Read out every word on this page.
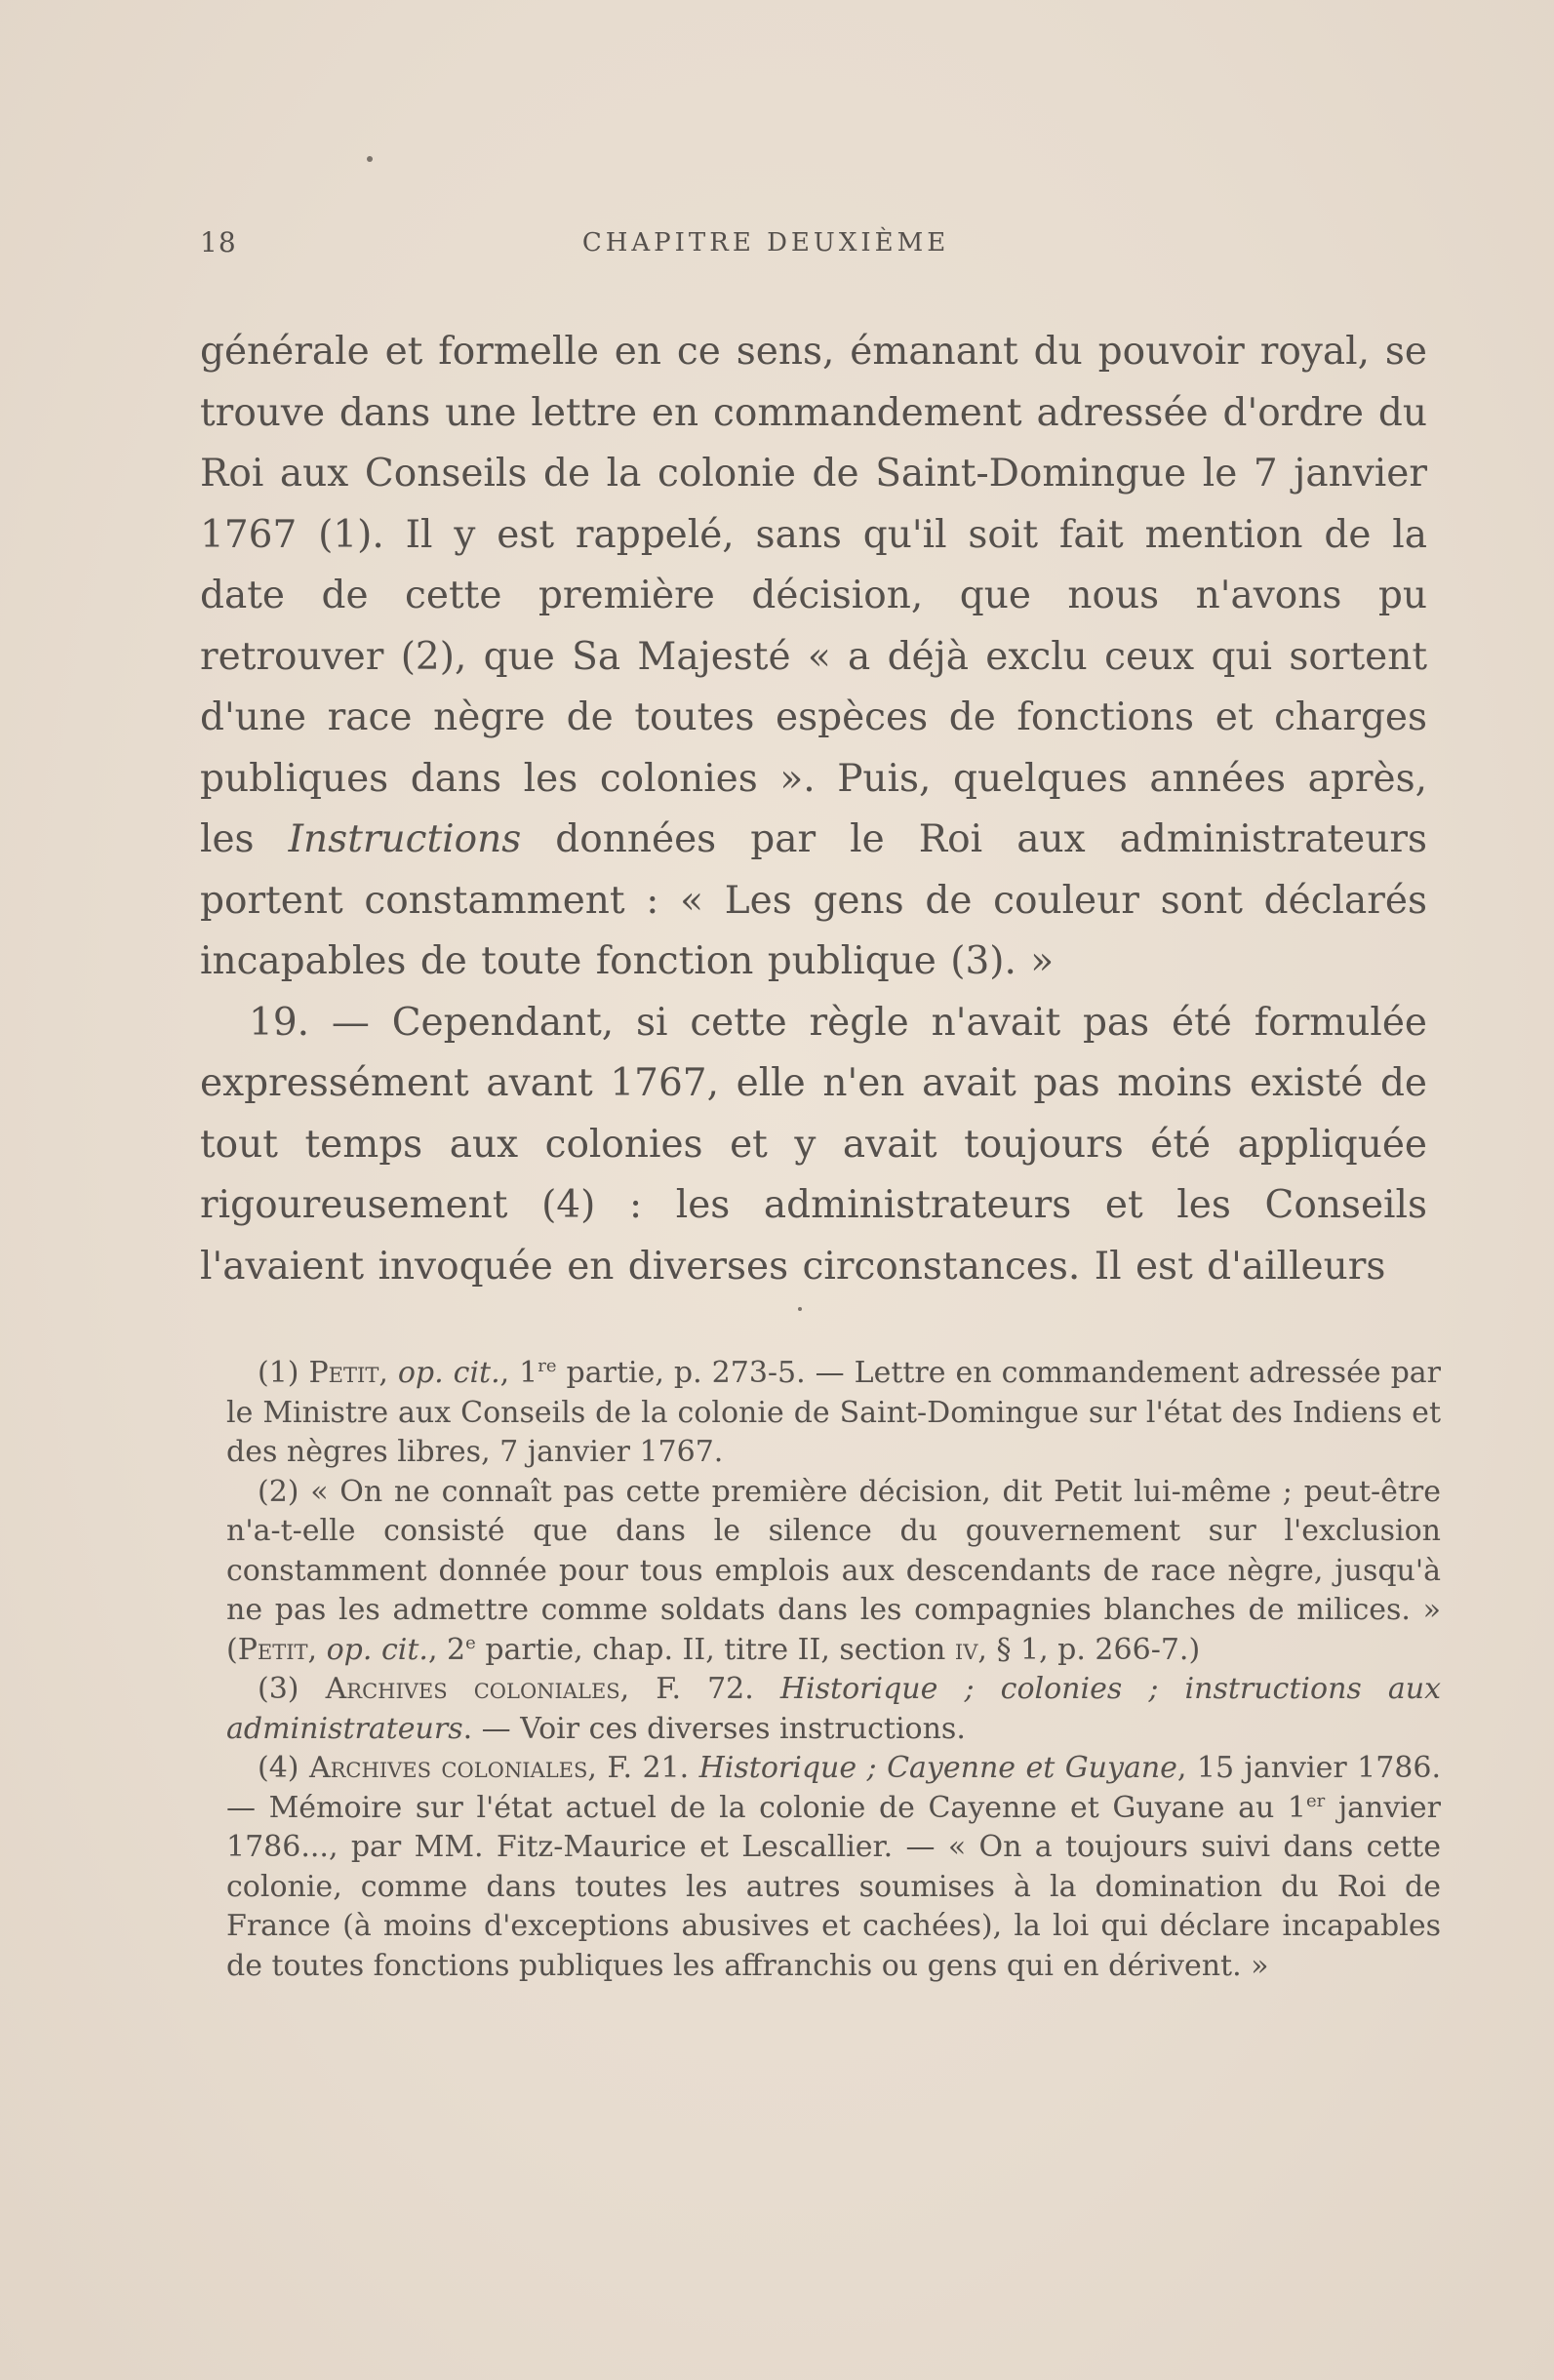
18	CHAPITRE DEUXIÈME

générale et formelle en ce sens, émanant du pouvoir royal, se trouve dans une lettre en commandement adressée d'ordre du Roi aux Conseils de la colonie de Saint-Domingue le 7 janvier 1767 (1). Il y est rappelé, sans qu'il soit fait mention de la date de cette première décision, que nous n'avons pu retrouver (2), que Sa Majesté « a déjà exclu ceux qui sortent d'une race nègre de toutes espèces de fonctions et charges publiques dans les colonies ». Puis, quelques années après, les Instructions données par le Roi aux administrateurs portent constamment : « Les gens de couleur sont déclarés incapables de toute fonction publique (3). »

19. — Cependant, si cette règle n'avait pas été formulée expressément avant 1767, elle n'en avait pas moins existé de tout temps aux colonies et y avait toujours été appliquée rigoureusement (4) : les administrateurs et les Conseils l'avaient invoquée en diverses circonstances. Il est d'ailleurs

(1) Petit, op. cit., 1re partie, p. 273-5. — Lettre en commandement adressée par le Ministre aux Conseils de la colonie de Saint-Domingue sur l'état des Indiens et des nègres libres, 7 janvier 1767.

(2) « On ne connaît pas cette première décision, dit Petit lui-même ; peut-être n'a-t-elle consisté que dans le silence du gouvernement sur l'exclusion constamment donnée pour tous emplois aux descendants de race nègre, jusqu'à ne pas les admettre comme soldats dans les compagnies blanches de milices. » (Petit, op. cit., 2e partie, chap. II, titre II, section iv, § 1, p. 266-7.)

(3) Archives coloniales, F. 72. Historique ; colonies ; instructions aux administrateurs. — Voir ces diverses instructions.

(4) Archives coloniales, F. 21. Historique ; Cayenne et Guyane, 15 janvier 1786. — Mémoire sur l'état actuel de la colonie de Cayenne et Guyane au 1er janvier 1786..., par MM. Fitz-Maurice et Lescallier. — « On a toujours suivi dans cette colonie, comme dans toutes les autres soumises à la domination du Roi de France (à moins d'exceptions abusives et cachées), la loi qui déclare incapables de toutes fonctions publiques les affranchis ou gens qui en dérivent. »
